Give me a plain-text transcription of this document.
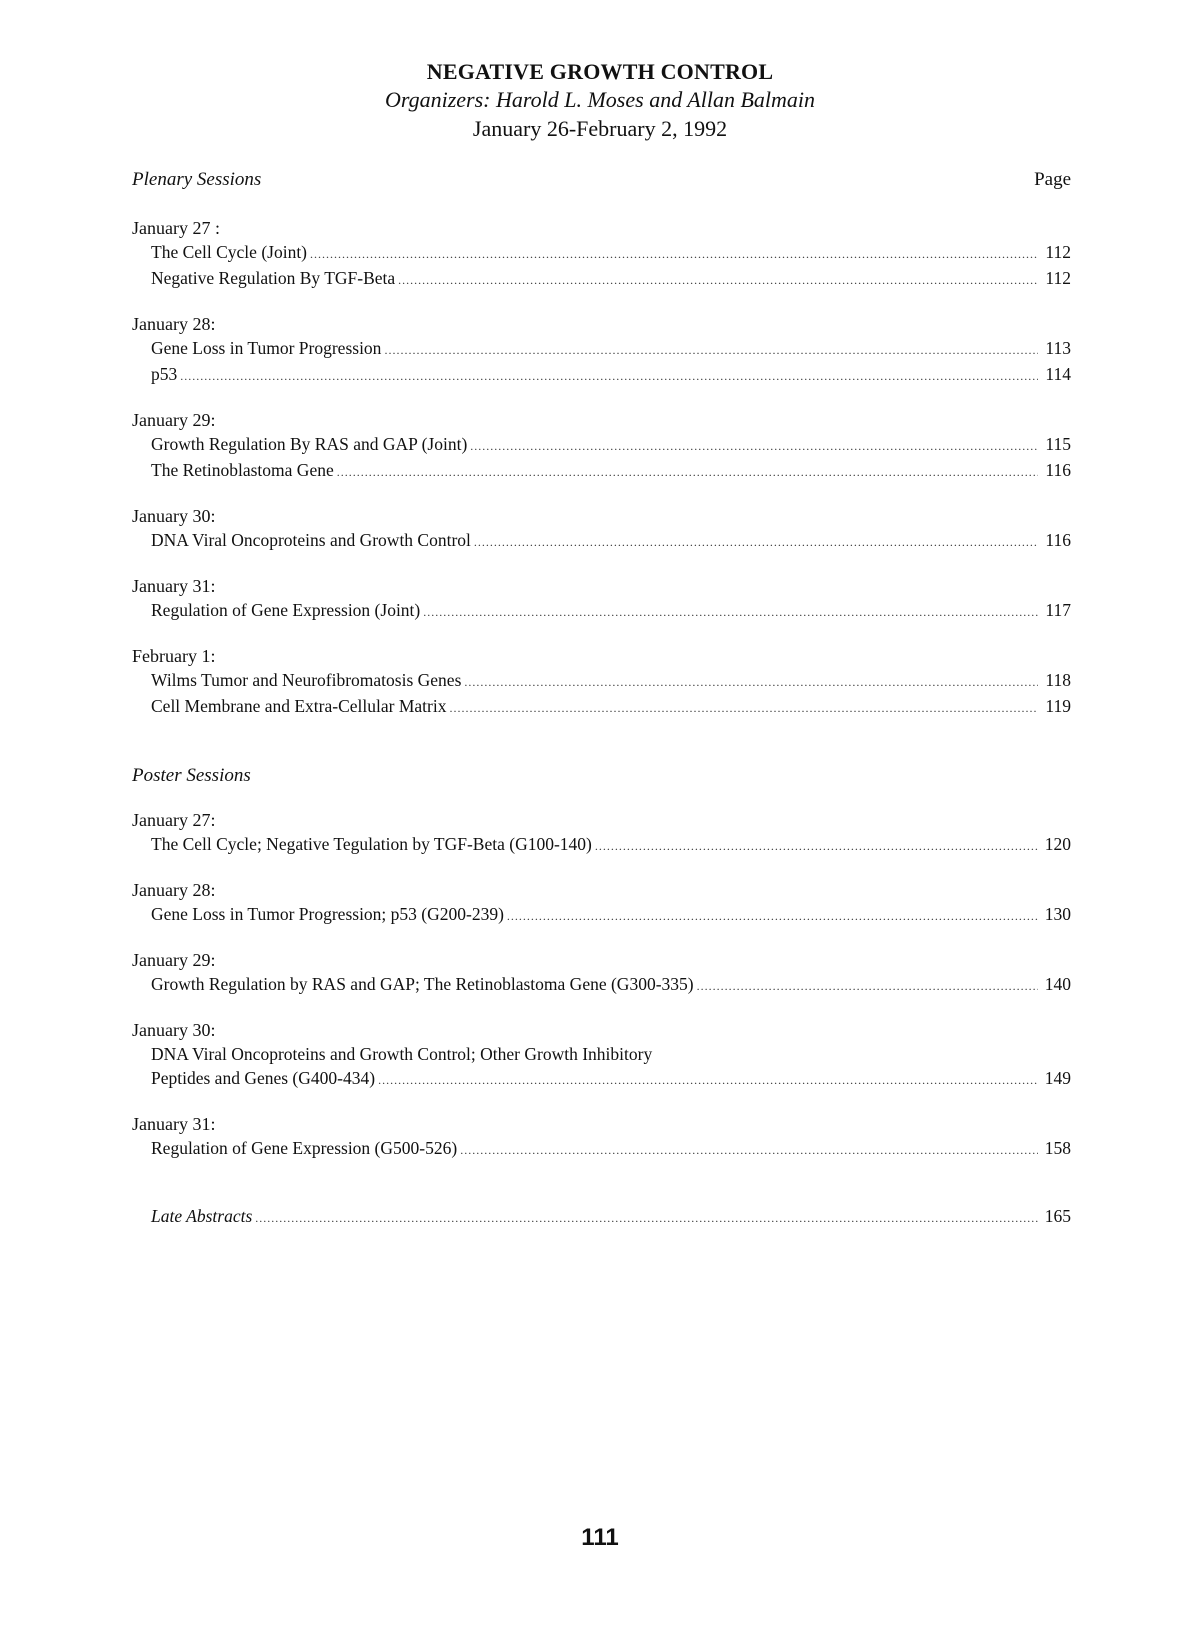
NEGATIVE GROWTH CONTROL
Organizers: Harold L. Moses and Allan Balmain
January 26-February 2, 1992
Plenary Sessions	Page
January 27 :
The Cell Cycle (Joint) .....	112
Negative Regulation By TGF-Beta .....	112
January 28:
Gene Loss in Tumor Progression .....	113
p53 .....	114
January 29:
Growth Regulation By RAS and GAP (Joint) .....	115
The Retinoblastoma Gene .....	116
January 30:
DNA Viral Oncoproteins and Growth Control .....	116
January 31:
Regulation of Gene Expression (Joint) .....	117
February 1:
Wilms Tumor and Neurofibromatosis Genes .....	118
Cell Membrane and Extra-Cellular Matrix .....	119
Poster Sessions
January 27:
The Cell Cycle; Negative Tegulation by TGF-Beta (G100-140) .....	120
January 28:
Gene Loss in Tumor Progression; p53 (G200-239) .....	130
January 29:
Growth Regulation by RAS and GAP; The Retinoblastoma Gene (G300-335) .....	140
January 30:
DNA Viral Oncoproteins and Growth Control; Other Growth Inhibitory
Peptides and Genes (G400-434) .....	149
January 31:
Regulation of Gene Expression (G500-526) .....	158
Late Abstracts .....	165
111
